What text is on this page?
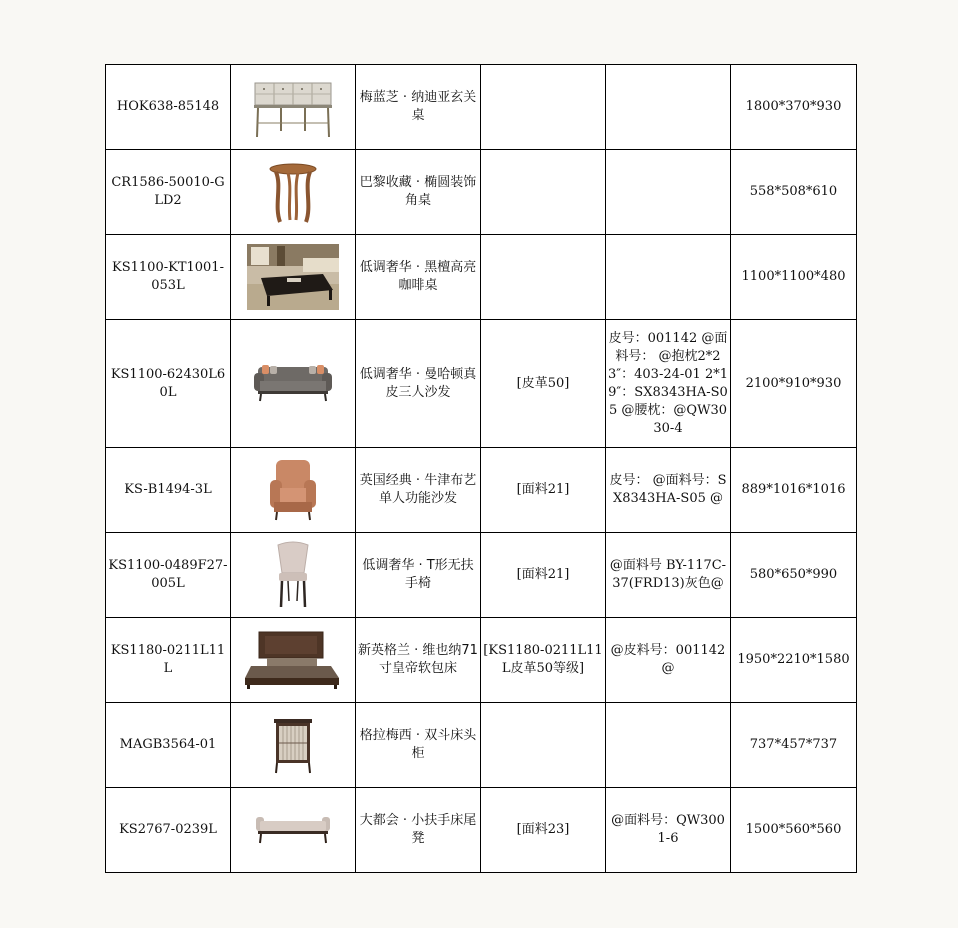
HOK638-85148		梅蓝芝 · 纳迪亚玄关桌			1800*370*930
CR1586-50010-GLD2		巴黎收藏 · 椭圆装饰角桌			558*508*610
KS1100-KT1001-053L		低调奢华 · 黑檀高亮咖啡桌			1100*1100*480
KS1100-62430L60L		低调奢华 · 曼哈顿真皮三人沙发	[皮革50]	皮号：001142 @面料号： @抱枕2*23″：403-24-01 2*19″：SX8343HA-S05 @腰枕：@QW3030-4	2100*910*930
KS-B1494-3L		英国经典 · 牛津布艺单人功能沙发	[面料21]	皮号： @面料号：SX8343HA-S05 @	889*1016*1016
KS1100-0489F27-005L		低调奢华 · T形无扶手椅	[面料21]	@面料号 BY-117C-37(FRD13)灰色@	580*650*990
KS1180-0211L11L		新英格兰 · 维也纳71寸皇帝软包床	[KS1180-0211L11L皮革50等级]	@皮料号：001142@	1950*2210*1580
MAGB3564-01		格拉梅西 · 双斗床头柜			737*457*737
KS2767-0239L		大都会 · 小扶手床尾凳	[面料23]	@面料号：QW3001-6	1500*560*560
